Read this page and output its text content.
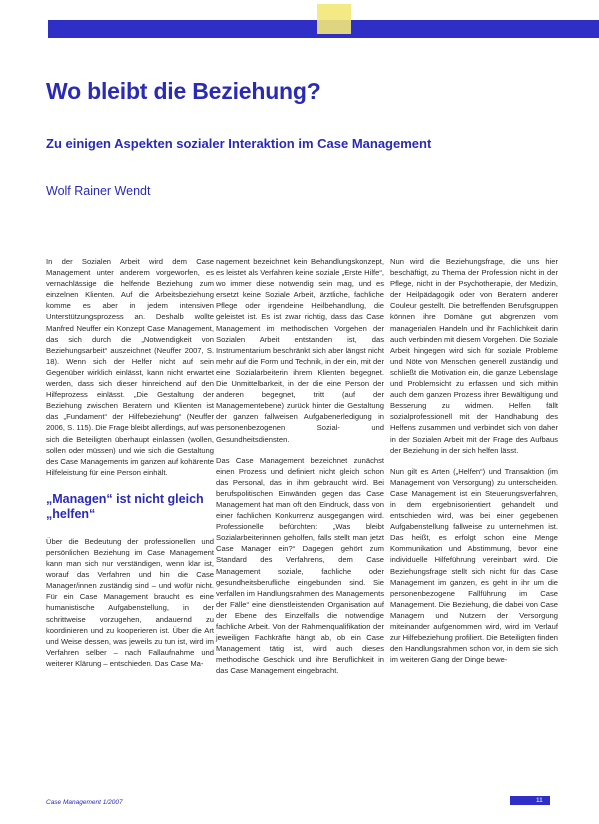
Wo bleibt die Beziehung?
Zu einigen Aspekten sozialer Interaktion im Case Management
Wolf Rainer Wendt

In der Sozialen Arbeit wird dem Case Management unter anderem vorgeworfen, es vernachlässige die helfende Beziehung zum einzelnen Klienten. Auf die Arbeitsbeziehung komme es aber in jedem intensiven Unterstützungsprozess an. Deshalb wollte Manfred Neuffer ein Konzept Case Management, das sich durch die „Notwendigkeit von Beziehungsarbeit“ auszeichnet (Neuffer 2007, S. 18). Wenn sich der Helfer nicht auf sein Gegenüber wirklich einlässt, kann nicht erwartet werden, dass sich dieser hinreichend auf den Hilfeprozess einlässt. „Die Gestaltung der Beziehung zwischen Beratern und Klienten ist das „Fundament“ der Hilfebeziehung“ (Neuffer 2006, S. 115). Die Frage bleibt allerdings, auf was sich die Beteiligten überhaupt einlassen (wollen, sollen oder müssen) und wie sich die Gestaltung des Case Managements im ganzen auf kohärente Hilfeleistung für eine Person einhält.

„Managen“ ist nicht gleich „helfen“

Über die Bedeutung der professionellen und persönlichen Beziehung im Case Management kann man sich nur verständigen, wenn klar ist, worauf das Verfahren und hin die Case Manager/innen zuständig sind – und wofür nicht. Für ein Case Management braucht es eine humanistische Aufgabenstellung, in der schrittweise vorzugehen, andauernd zu koordinieren und zu kooperieren ist. Über die Art und Weise dessen, was jeweils zu tun ist, wird im Verfahren selber – nach Fallaufnahme und weiterer Klärung – entschieden. Das Case Ma-

nagement bezeichnet kein Behandlungskonzept, es leistet als Verfahren keine soziale „Erste Hilfe“, wo immer diese notwendig sein mag, und es ersetzt keine Soziale Arbeit, ärztliche, fachliche Pflege oder irgendeine Heilbehandlung, die geleistet ist. Es ist zwar richtig, dass das Case Management im methodischen Vorgehen der Sozialen Arbeit entstanden ist, das Instrumentarium beschränkt sich aber längst nicht mehr auf die Form und Technik, in der ein, mit der eine Sozialarbeiterin ihrem Klienten begegnet. Die Unmittelbarkeit, in der die eine Person der anderen begegnet, tritt (auf der Managementebene) zurück hinter die Gestaltung der ganzen fallweisen Aufgabenerledigung in personenbezogenen Sozial- und Gesundheitsdiensten.

Das Case Management bezeichnet zunächst einen Prozess und definiert nicht gleich schon das Personal, das in ihm gebraucht wird. Bei berufspolitischen Einwänden gegen das Case Management hat man oft den Eindruck, dass von einer fachlichen Konkurrenz ausgegangen wird. Professionelle befürchten: „Was bleibt Sozialarbeiterinnen geholfen, falls stellt man jetzt Case Manager ein?“ Dagegen gehört zum Standard des Verfahrens, dem Case Management soziale, fachliche oder gesundheitsberufliche eingebunden sind. Sie verfallen im Handlungsrahmen des Managements der Fälle“ eine dienstleistenden Organisation auf der Ebene des Einzelfalls die notwendige fachliche Arbeit. Von der Rahmenqualifikation der jeweiligen Fachkräfte hängt ab, ob ein Case Management tätig ist, wird auch dieses methodische Geschick und ihre Beruflichkeit in das Case Management eingebracht.

Nun wird die Beziehungsfrage, die uns hier beschäftigt, zu Thema der Profession nicht in der Pflege, nicht in der Psychotherapie, der Medizin, der Heilpädagogik oder von Beratern anderer Couleur gestellt. Die betreffenden Berufsgruppen können ihre Domäne gut abgrenzen vom managerialen Handeln und ihr Fachlichkeit darin auch verbinden mit diesem Vorgehen. Die Soziale Arbeit hingegen wird sich für soziale Probleme und Nöte von Menschen generell zuständig und schließt die Motivation ein, die ganze Lebenslage und Problemsicht zu erfassen und sich mithin auch dem ganzen Prozess ihrer Bewältigung und Besserung zu widmen. Helfen fällt sozialprofessionell mit der Handhabung des Helfens zusammen und verbindet sich von daher in der Sozialen Arbeit mit der Frage des Aufbaus der Beziehung in der sich helfen lässt.

Nun gilt es Arten („Helfen“) und Transaktion (im Management von Versorgung) zu unterscheiden. Case Management ist ein Steuerungsverfahren, in dem ergebnisorientiert gehandelt und entschieden wird, was bei einer gegebenen Aufgabenstellung fallweise zu unternehmen ist. Das heißt, es erfolgt schon eine Menge Kommunikation und Abstimmung, bevor eine individuelle Hilfeführung vereinbart wird. Die Beziehungsfrage stellt sich nicht für das Case Management im ganzen, es geht in ihr um die personenbezogene Fallführung im Case Management. Die Beziehung, die dabei von Case Managern und Nutzern der Versorgung miteinander aufgenommen wird, wird im Verlauf zur Hilfebeziehung profiliert. Die Beteiligten finden den Handlungsrahmen schon vor, in dem sie sich im weiteren Gang der Dinge bewe-

Case Management 1/2007	11
